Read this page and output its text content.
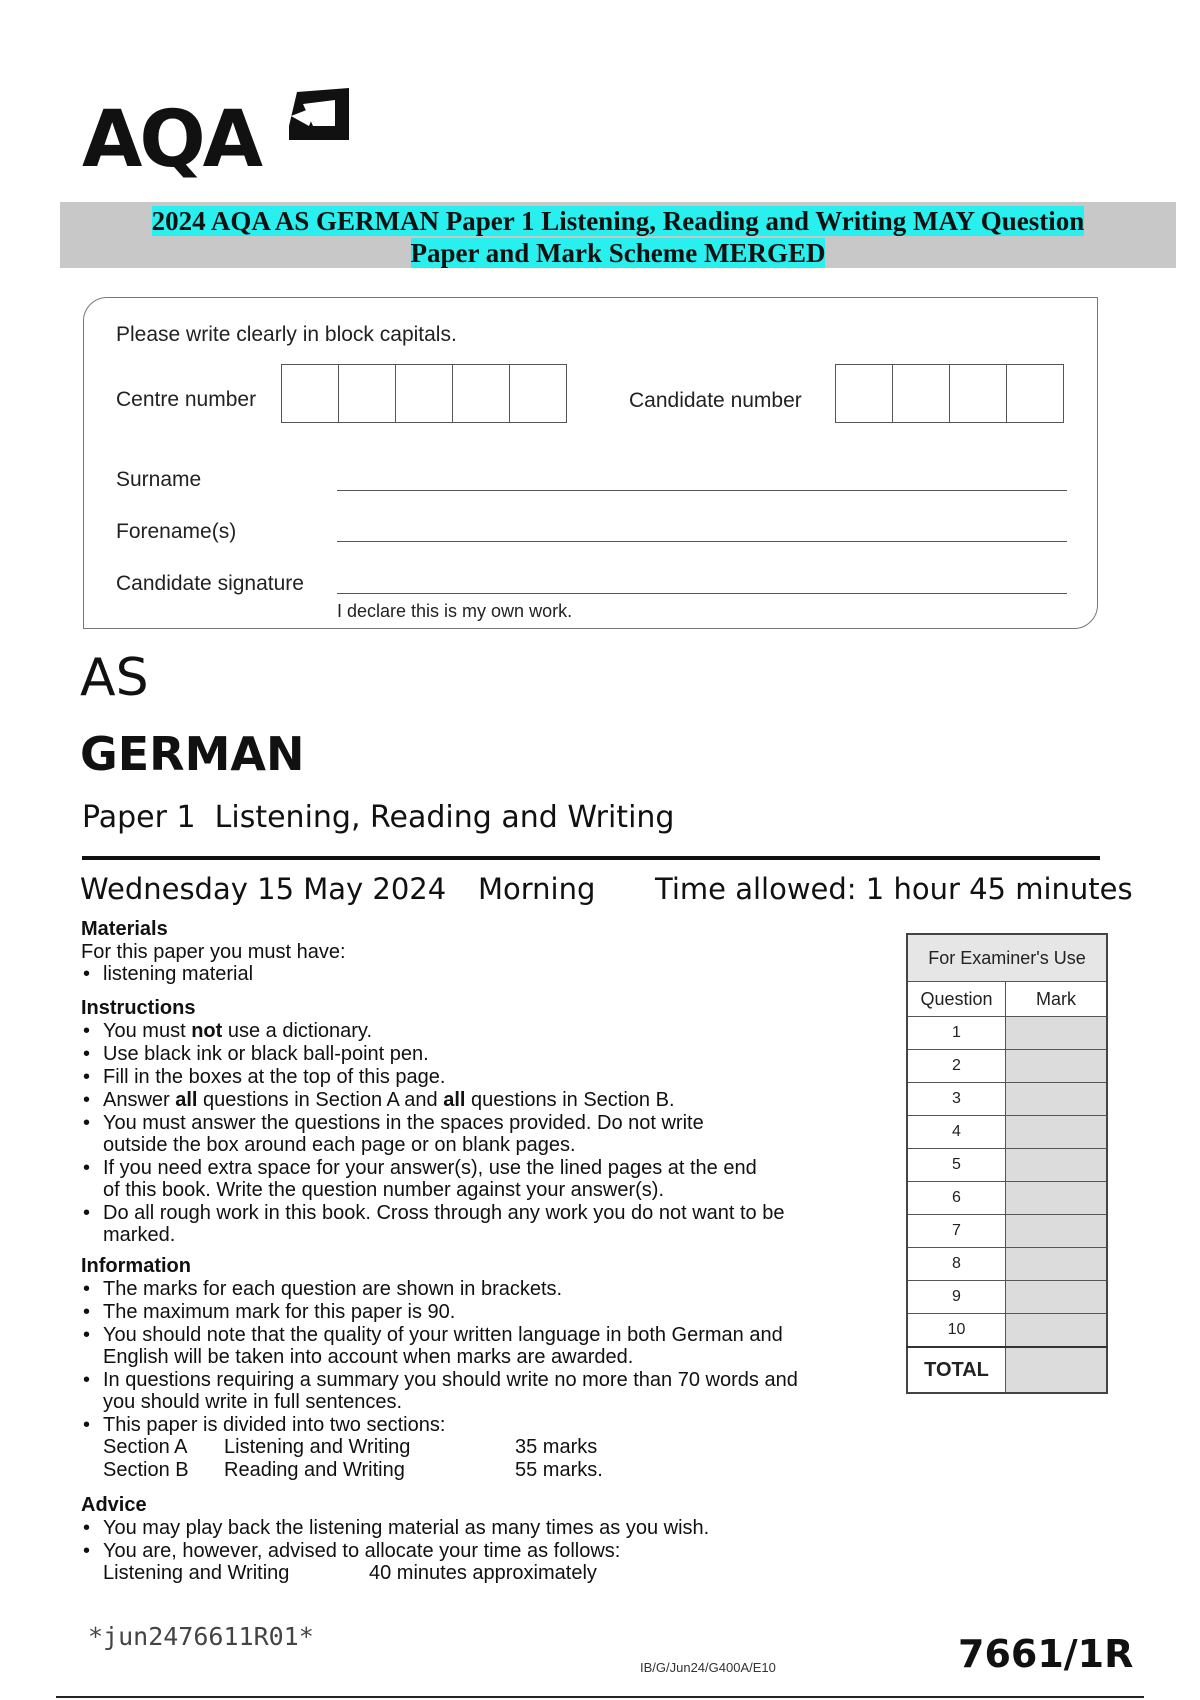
AQA
2024 AQA AS GERMAN Paper 1 Listening, Reading and Writing MAY Question
Paper and Mark Scheme MERGED
Please write clearly in block capitals.
Centre number	Candidate number
Surname
Forename(s)
Candidate signature
I declare this is my own work.
AS
GERMAN
Paper 1  Listening, Reading and Writing
Wednesday 15 May 2024 Morning Time allowed: 1 hour 45 minutes
Materials
For this paper you must have:
• listening material
Instructions
• You must not use a dictionary.
• Use black ink or black ball-point pen.
• Fill in the boxes at the top of this page.
• Answer all questions in Section A and all questions in Section B.
• You must answer the questions in the spaces provided. Do not write
outside the box around each page or on blank pages.
• If you need extra space for your answer(s), use the lined pages at the end
of this book. Write the question number against your answer(s).
• Do all rough work in this book. Cross through any work you do not want to be
marked.
Information
• The marks for each question are shown in brackets.
• The maximum mark for this paper is 90.
• You should note that the quality of your written language in both German and
English will be taken into account when marks are awarded.
• In questions requiring a summary you should write no more than 70 words and
you should write in full sentences.
• This paper is divided into two sections:
Section A Listening and Writing	35 marks
Section B Reading and Writing	55 marks.
Advice
• You may play back the listening material as many times as you wish.
• You are, however, advised to allocate your time as follows:
Listening and Writing	40 minutes approximately
For Examiner's Use	
Question	Mark
1	
2	
3	
4	
5	
6	
7	
8	
9	
10	
TOTAL	
*jun2476611R01*
IB/G/Jun24/G400A/E10	7661/1R
